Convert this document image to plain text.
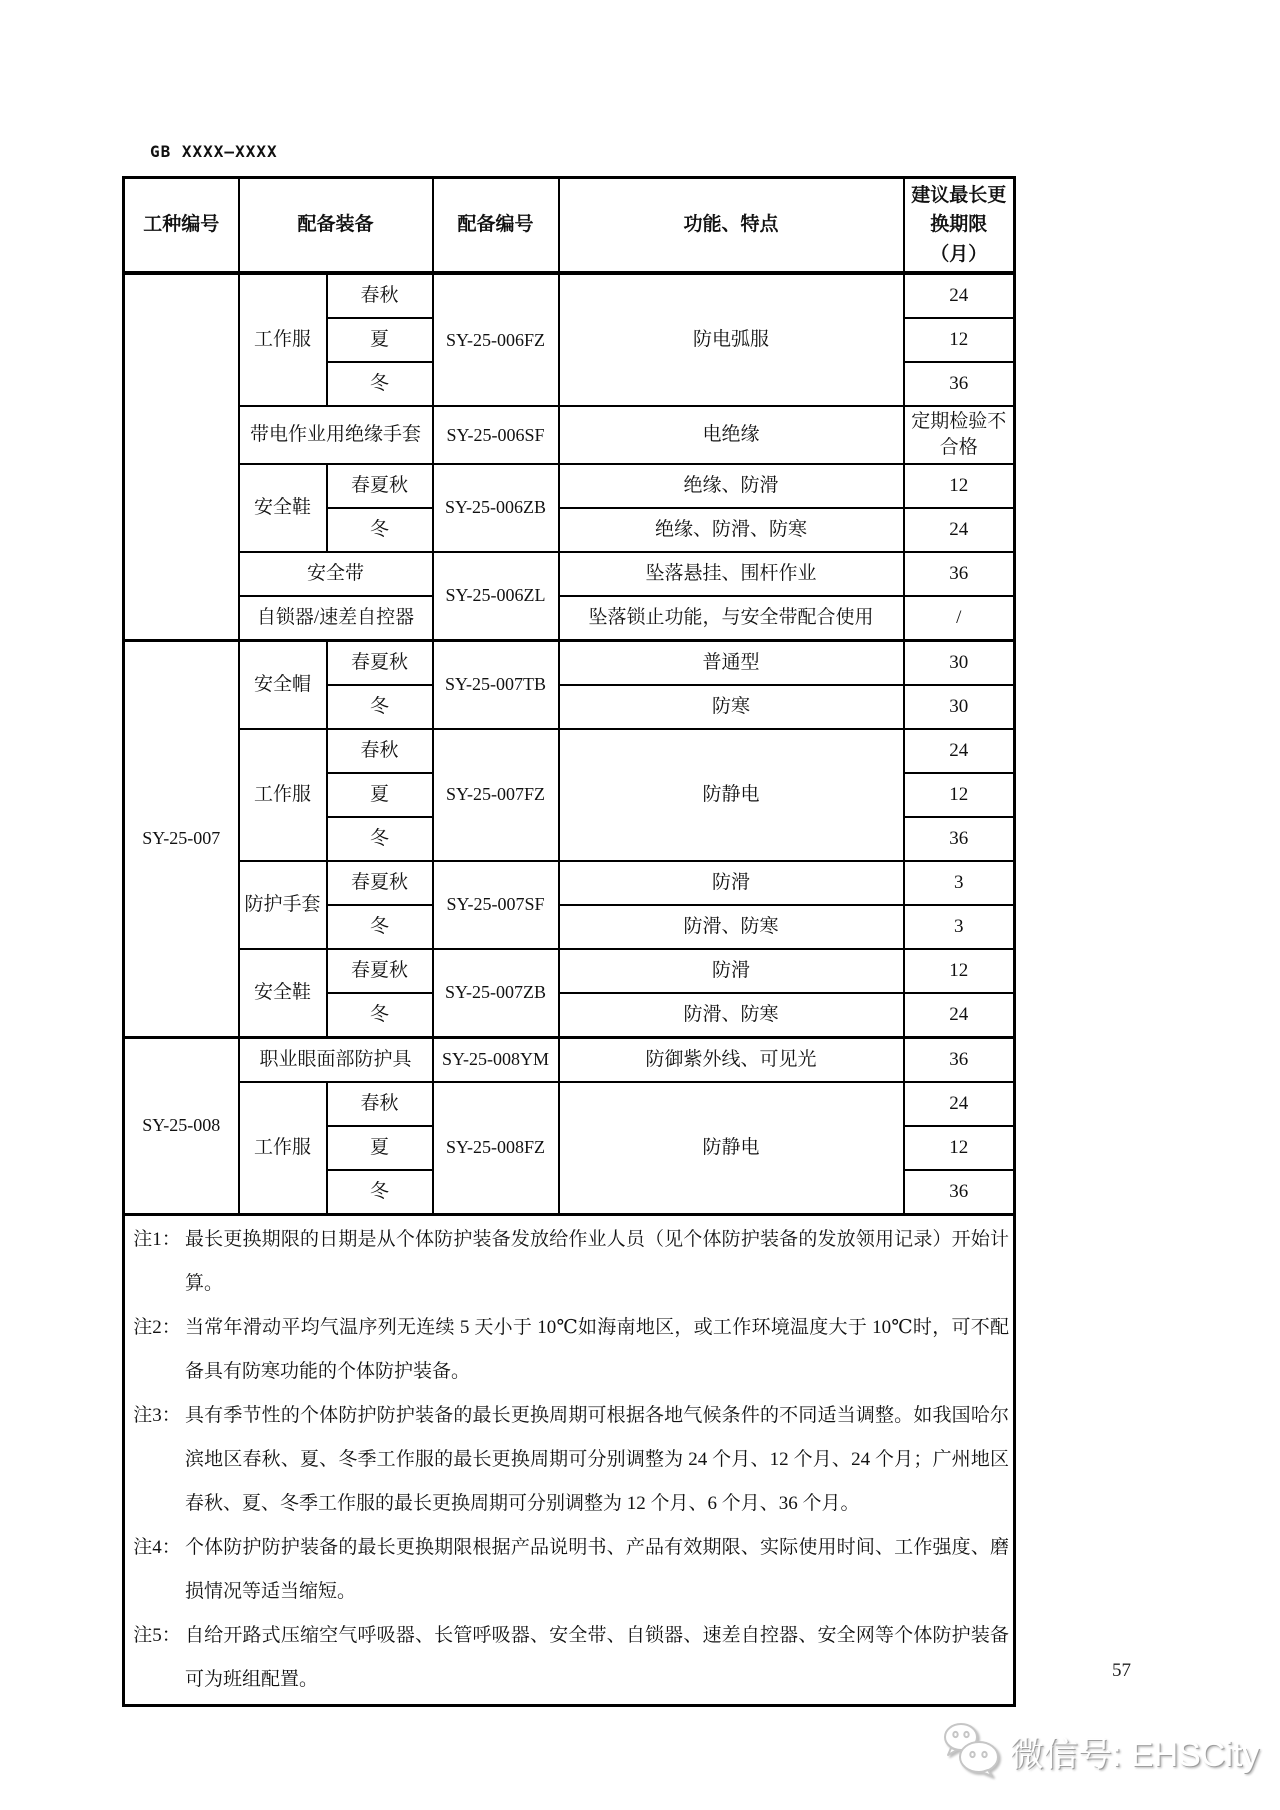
GB XXXX—XXXX
工种编号	配备装备		配备编号	功能、特点	建议最长更
换期限（月）

	工作服	春秋	SY-25-006FZ	防电弧服	24
		夏			12
		冬			36
	带电作业用绝缘手套		SY-25-006SF	电绝缘	定期检验不合格
	安全鞋	春夏秋	SY-25-006ZB	绝缘、防滑	12
		冬		绝缘、防滑、防寒	24
	安全带		SY-25-006ZL	坠落悬挂、围杆作业	36
	自锁器/速差自控器			坠落锁止功能，与安全带配合使用	/
SY-25-007	安全帽	春夏秋	SY-25-007TB	普通型	30
		冬		防寒	30
	工作服	春秋	SY-25-007FZ	防静电	24
		夏			12
		冬			36
	防护手套	春夏秋	SY-25-007SF	防滑	3
		冬		防滑、防寒	3
	安全鞋	春夏秋	SY-25-007ZB	防滑	12
		冬		防滑、防寒	24
SY-25-008	职业眼面部防护具		SY-25-008YM	防御紫外线、可见光	36
	工作服	春秋	SY-25-008FZ	防静电	24
		夏			12
		冬			36

注1： 最长更换期限的日期是从个体防护装备发放给作业人员（见个体防护装备的发放领用记录）开始计算。
注2： 当常年滑动平均气温序列无连续 5 天小于 10℃如海南地区，或工作环境温度大于 10℃时，可不配备具有防寒功能的个体防护装备。
注3： 具有季节性的个体防护防护装备的最长更换周期可根据各地气候条件的不同适当调整。如我国哈尔滨地区春秋、夏、冬季工作服的最长更换周期可分别调整为 24 个月、12 个月、24 个月；广州地区春秋、夏、冬季工作服的最长更换周期可分别调整为 12 个月、6 个月、36 个月。
注4： 个体防护防护装备的最长更换期限根据产品说明书、产品有效期限、实际使用时间、工作强度、磨损情况等适当缩短。
注5： 自给开路式压缩空气呼吸器、长管呼吸器、安全带、自锁器、速差自控器、安全网等个体防护装备可为班组配置。	57
微信号: EHSCity
